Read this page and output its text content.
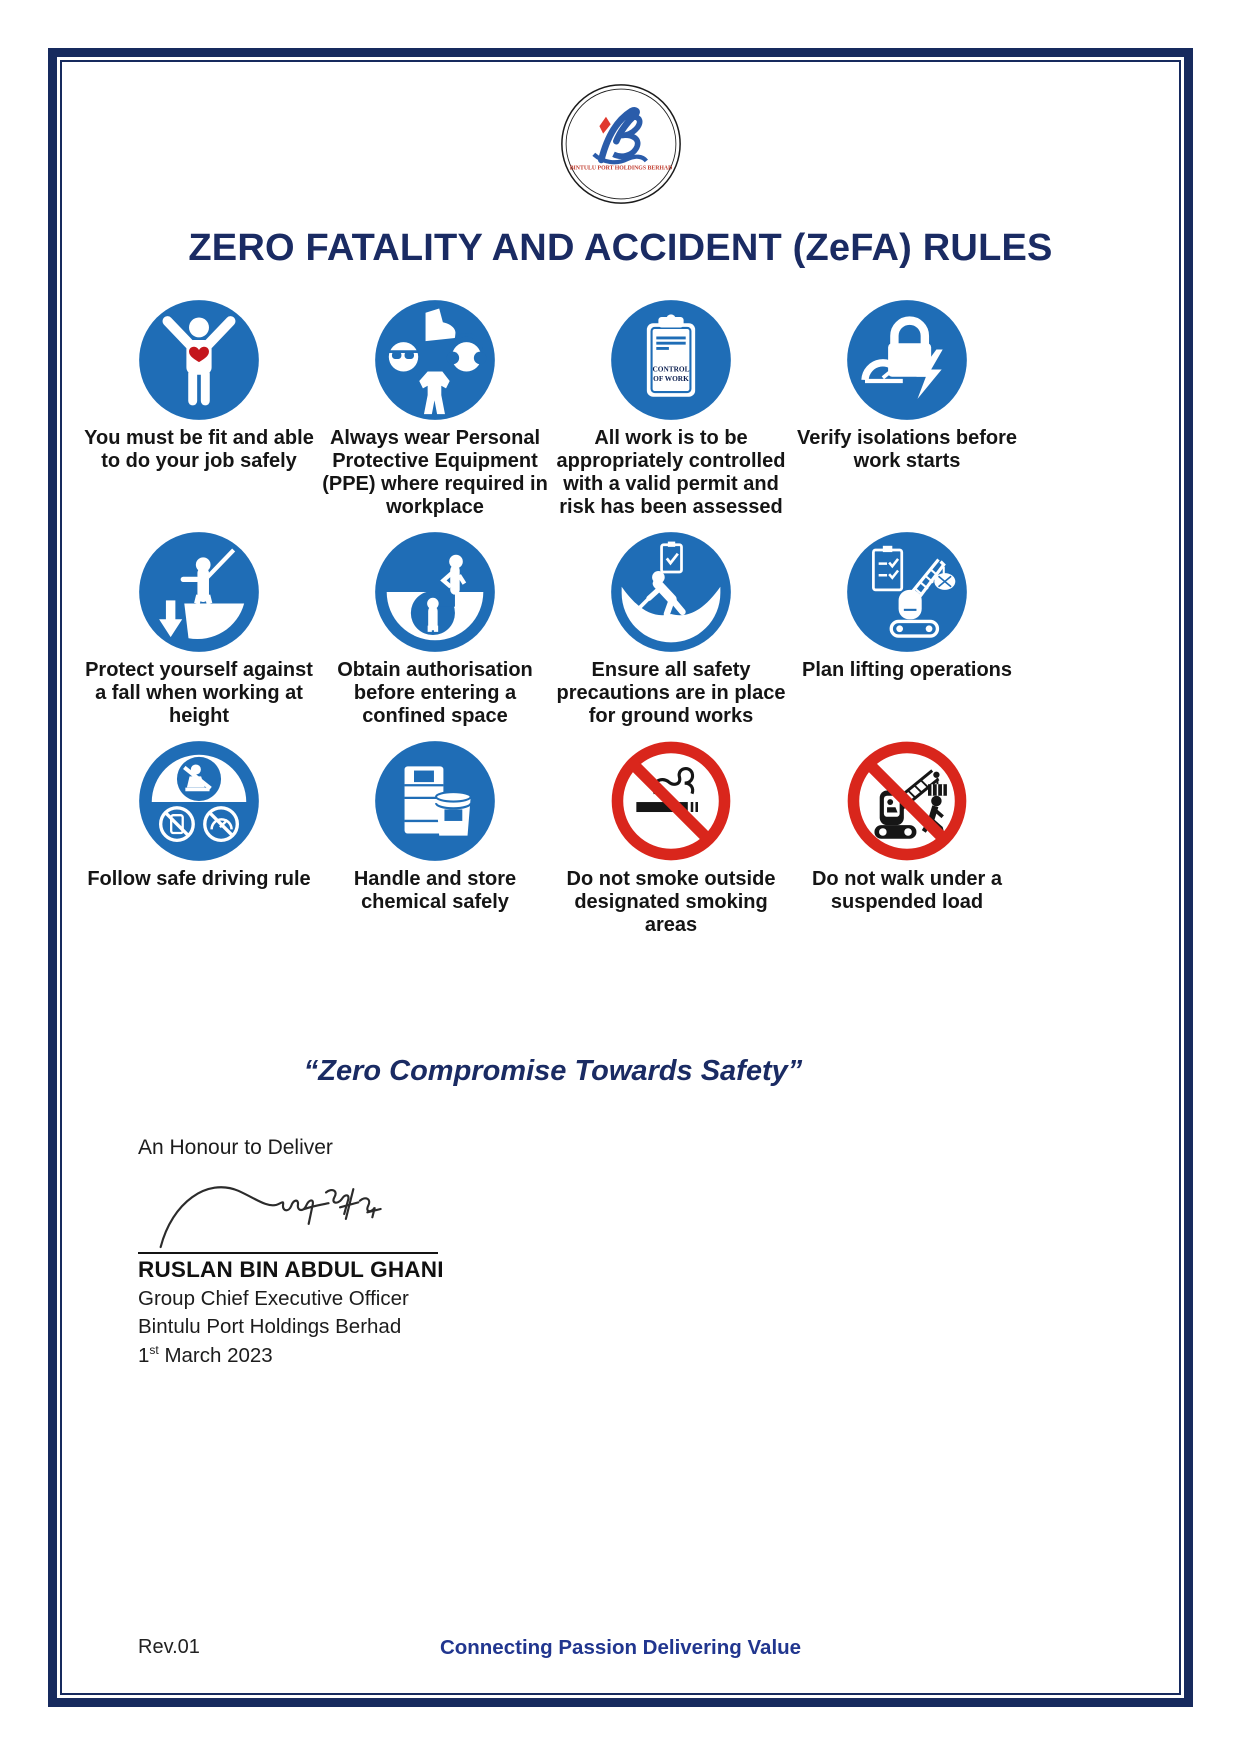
BINTULU PORT HOLDINGS BERHAD
ZERO FATALITY AND ACCIDENT (ZeFA) RULES
You must be fit and able to do your job safely
Always wear Personal Protective Equipment (PPE) where required in workplace
CONTROL
OF WORK
All work is to be appropriately controlled with a valid permit and risk has been assessed
Verify isolations before work starts
Protect yourself against a fall when working at height
Obtain authorisation before entering a confined space
Ensure all safety precautions are in place for ground works
Plan lifting operations
Follow safe driving rule	Handle and store chemical safely
Do not smoke outside designated smoking areas
Do not walk under a suspended load
“Zero Compromise Towards Safety”
An Honour to Deliver
RUSLAN BIN ABDUL GHANI
Group Chief Executive Officer
Bintulu Port Holdings Berhad
1st March 2023
Rev.01	Connecting Passion Delivering Value
